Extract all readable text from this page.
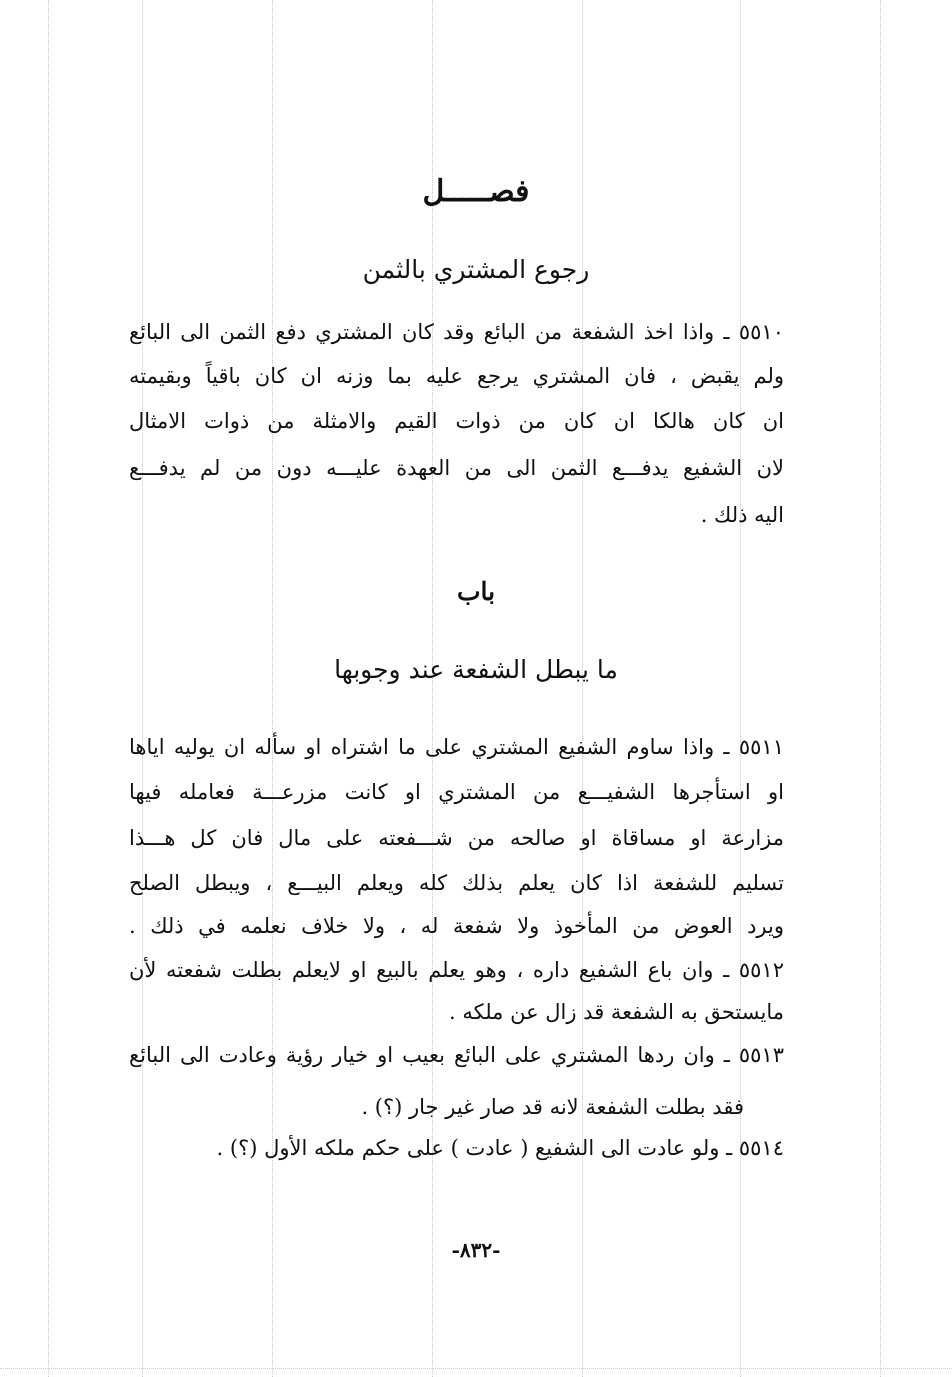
فصـــــل
رجوع المشتري بالثمن
٥٥١٠ ـ واذا اخذ الشفعة من البائع وقد كان المشتري دفع الثمن الى البائع
ولم يقبض ، فان المشتري يرجع عليه بما وزنه ان كان باقياً وبقيمته
ان كان هالكا ان كان من ذوات القيم والامثلة من ذوات الامثال
لان الشفيع يدفـــع الثمن الى من العهدة عليـــه دون من لم يدفـــع
اليه ذلك .
باب
ما يبطل الشفعة عند وجوبها
٥٥١١ ـ واذا ساوم الشفيع المشتري على ما اشتراه او سأله ان يوليه اياها
او استأجرها الشفيـــع من المشتري او كانت مزرعـــة فعامله فيها
مزارعة او مساقاة او صالحه من شـــفعته على مال فان كل هـــذا
تسليم للشفعة اذا كان يعلم بذلك كله ويعلم البيـــع ، ويبطل الصلح
ويرد العوض من المأخوذ ولا شفعة له ، ولا خلاف نعلمه في ذلك .
٥٥١٢ ـ وان باع الشفيع داره ، وهو يعلم بالبيع او لايعلم بطلت شفعته لأن
مايستحق به الشفعة قد زال عن ملكه .
٥٥١٣ ـ وان ردها المشتري على البائع بعيب او خيار رؤية وعادت الى البائع
فقد بطلت الشفعة لانه قد صار غير جار (؟) .
٥٥١٤ ـ ولو عادت الى الشفيع ( عادت ) على حكم ملكه الأول (؟) .
-٨٣٢-
